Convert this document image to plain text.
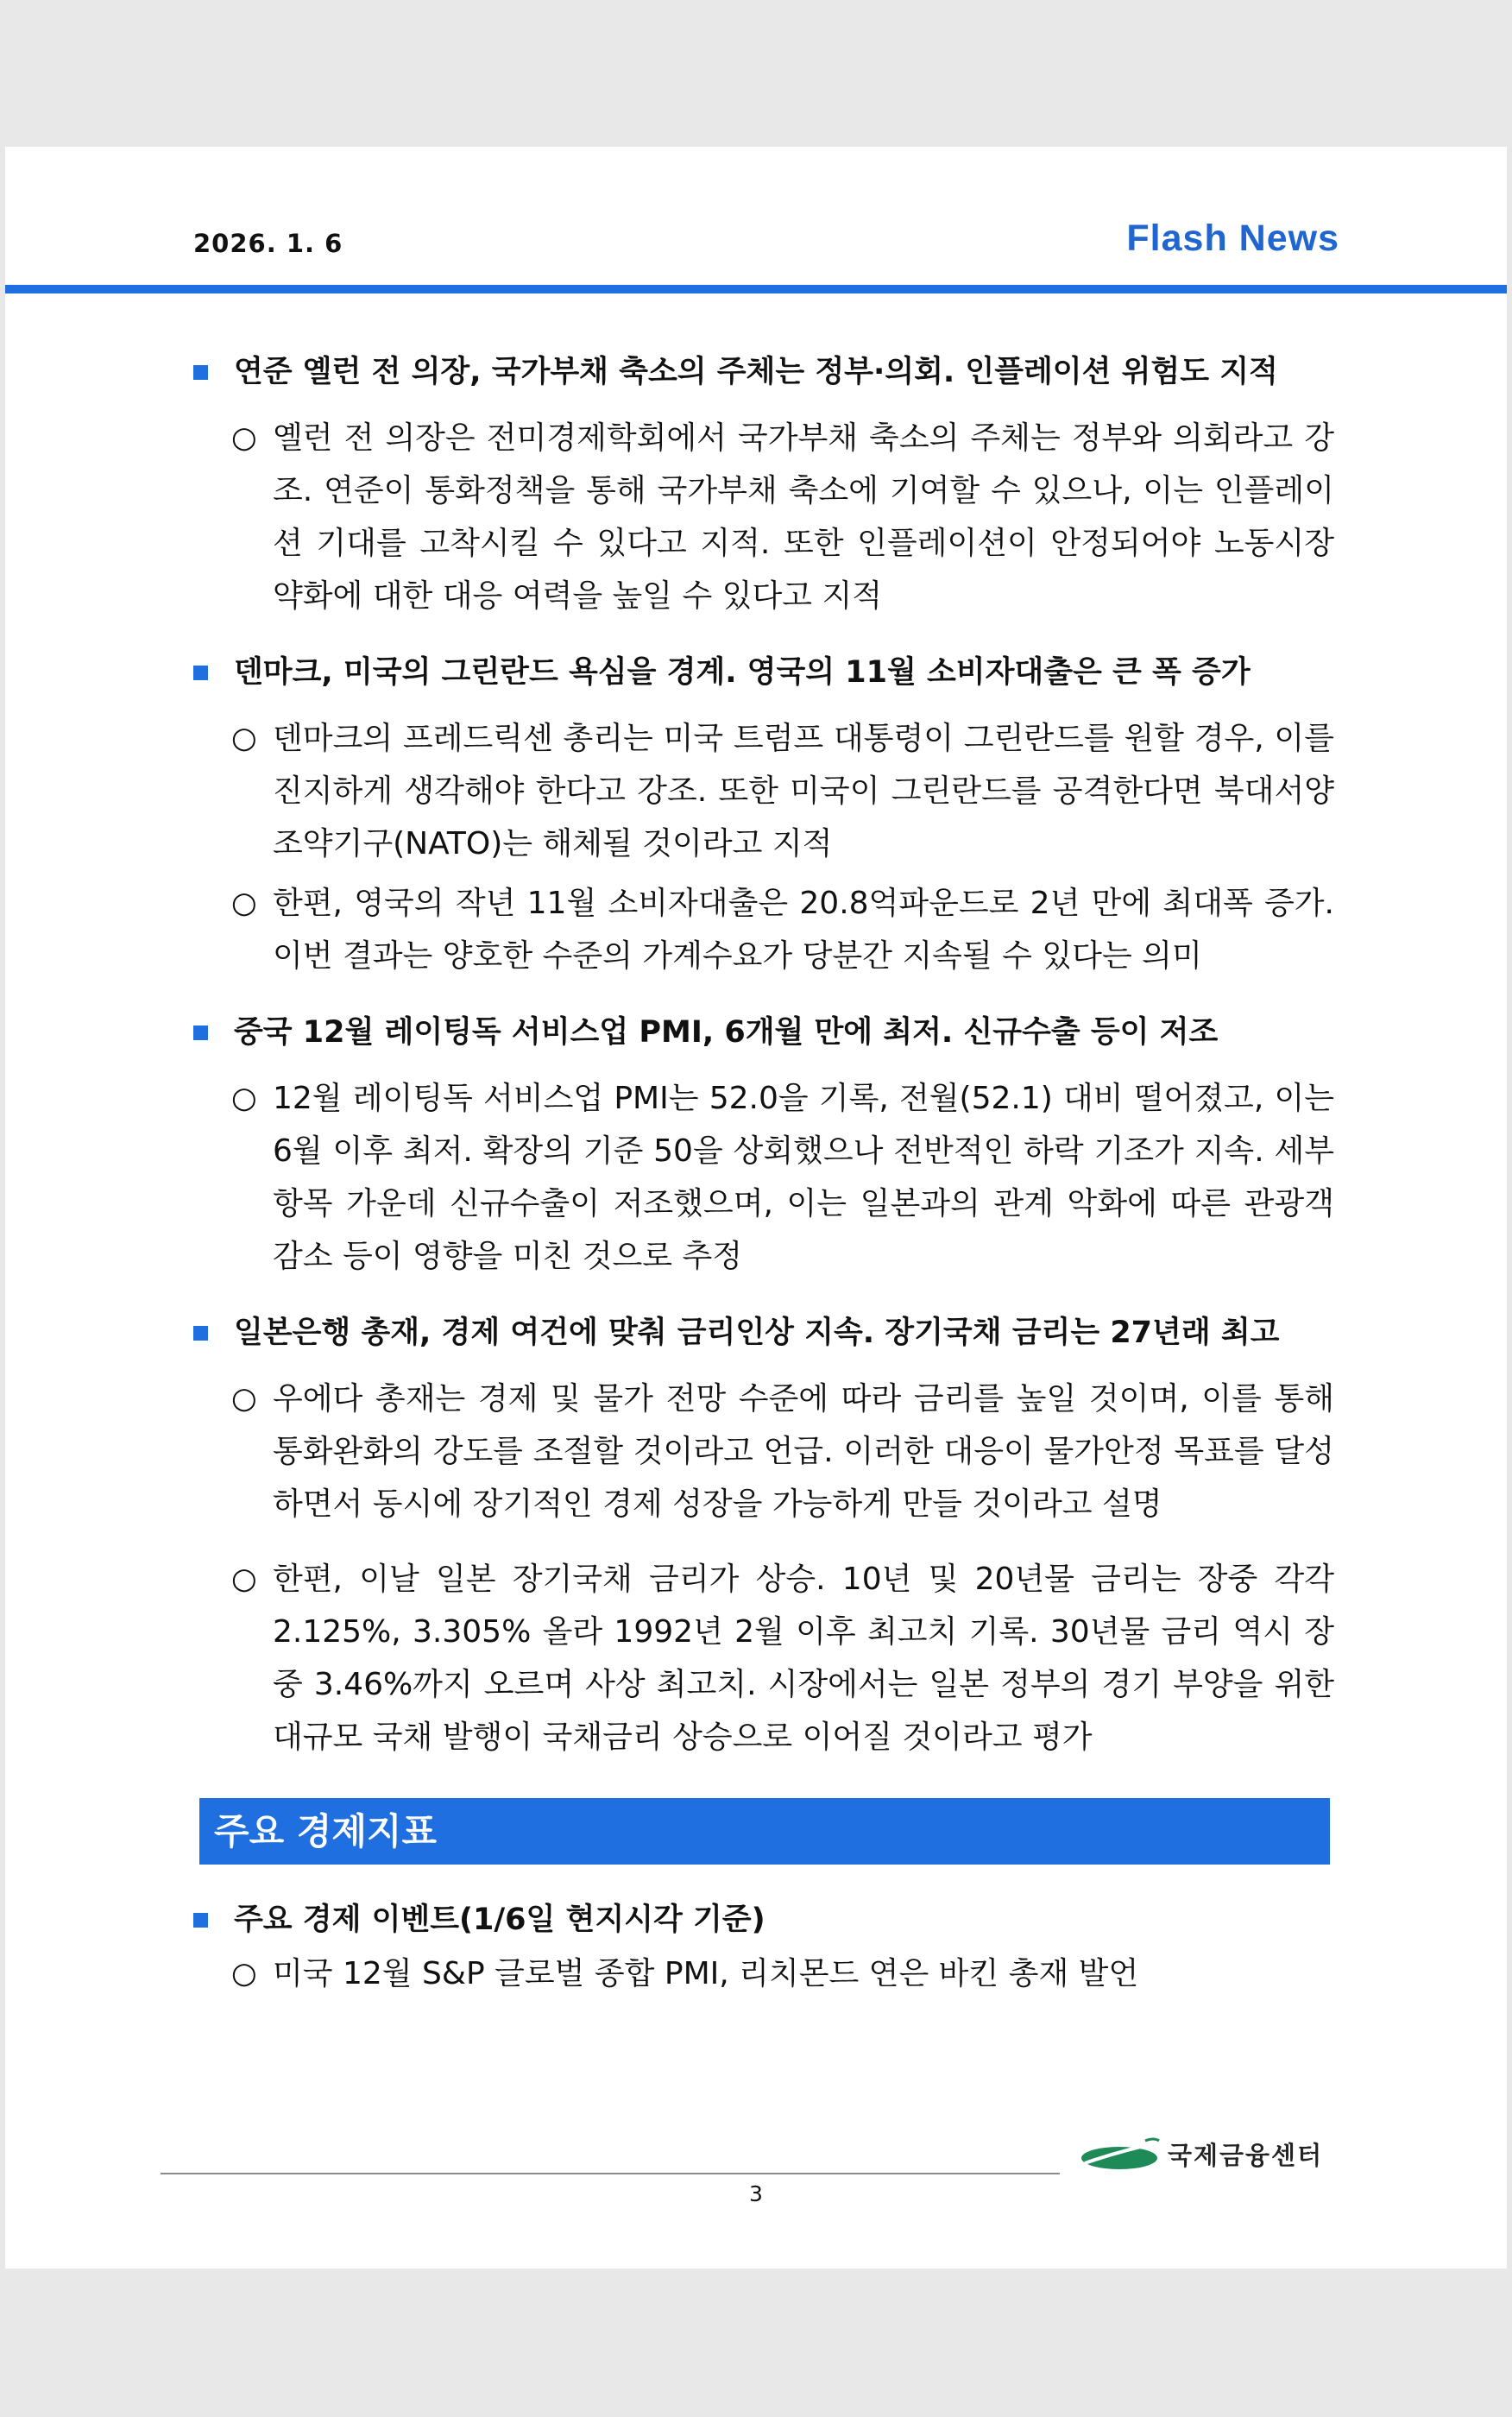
2026. 1. 6	Flash News
연준 옐런 전 의장, 국가부채 축소의 주체는 정부·의회. 인플레이션 위험도 지적
○ 옐런 전 의장은 전미경제학회에서 국가부채 축소의 주체는 정부와 의회라고 강조. 연준이 통화정책을 통해 국가부채 축소에 기여할 수 있으나, 이는 인플레이션 기대를 고착시킬 수 있다고 지적. 또한 인플레이션이 안정되어야 노동시장 약화에 대한 대응 여력을 높일 수 있다고 지적
덴마크, 미국의 그린란드 욕심을 경계. 영국의 11월 소비자대출은 큰 폭 증가
○ 덴마크의 프레드릭센 총리는 미국 트럼프 대통령이 그린란드를 원할 경우, 이를 진지하게 생각해야 한다고 강조. 또한 미국이 그린란드를 공격한다면 북대서양조약기구(NATO)는 해체될 것이라고 지적
○ 한편, 영국의 작년 11월 소비자대출은 20.8억파운드로 2년 만에 최대폭 증가. 이번 결과는 양호한 수준의 가계수요가 당분간 지속될 수 있다는 의미
중국 12월 레이팅독 서비스업 PMI, 6개월 만에 최저. 신규수출 등이 저조
○ 12월 레이팅독 서비스업 PMI는 52.0을 기록, 전월(52.1) 대비 떨어졌고, 이는 6월 이후 최저. 확장의 기준 50을 상회했으나 전반적인 하락 기조가 지속. 세부항목 가운데 신규수출이 저조했으며, 이는 일본과의 관계 악화에 따른 관광객 감소 등이 영향을 미친 것으로 추정
일본은행 총재, 경제 여건에 맞춰 금리인상 지속. 장기국채 금리는 27년래 최고
○ 우에다 총재는 경제 및 물가 전망 수준에 따라 금리를 높일 것이며, 이를 통해 통화완화의 강도를 조절할 것이라고 언급. 이러한 대응이 물가안정 목표를 달성하면서 동시에 장기적인 경제 성장을 가능하게 만들 것이라고 설명
○ 한편, 이날 일본 장기국채 금리가 상승. 10년 및 20년물 금리는 장중 각각 2.125%, 3.305% 올라 1992년 2월 이후 최고치 기록. 30년물 금리 역시 장중 3.46%까지 오르며 사상 최고치. 시장에서는 일본 정부의 경기 부양을 위한 대규모 국채 발행이 국채금리 상승으로 이어질 것이라고 평가
주요 경제지표
주요 경제 이벤트(1/6일 현지시각 기준)
○ 미국 12월 S&P 글로벌 종합 PMI, 리치몬드 연은 바킨 총재 발언
국제금융센터
3
